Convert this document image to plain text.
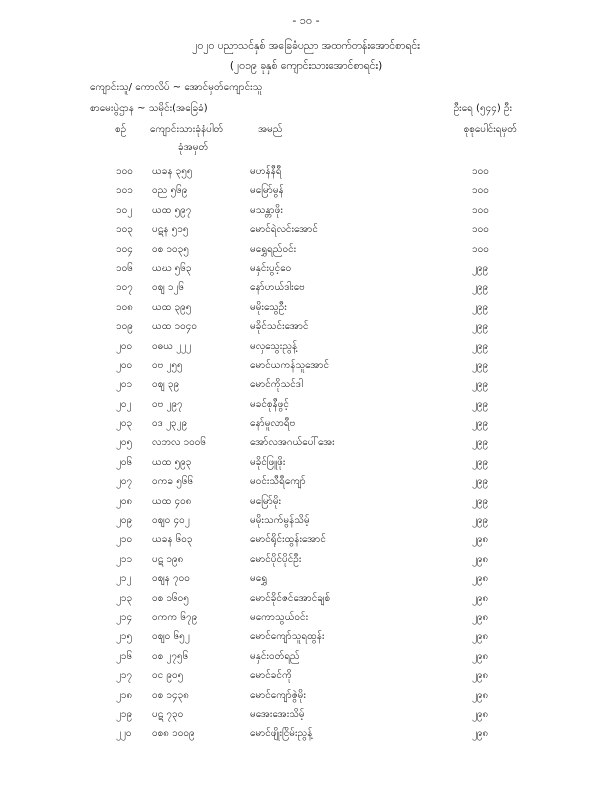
- ၁၀ -
၂၀၂၀ ပညာသင်နှစ် အခြေခံပညာ အထက်တန်းအောင်စာရင်း
(၂၀၁၉ ခုနှစ် ကျောင်းသားအောင်စာရင်း)
ကျောင်းသူ/ ကောလိပ် ~ အောင်မှတ်ကျောင်းသူ
စာမေးပွဲဌာန ~ သမိုင်း(အခြေခံ)	ဦးရေ (၅၄၄) ဦး
စဉ် ကျောင်းသားခုံနံပါတ်	အမည်	စုစုပေါင်းရမှတ်
ခုံအမှတ်
၁၀၀ ယခန ၃၅၅	မဟန်နီရီ	၁၀၀
၁၀၁ ဝည ၅၆၉	မမြော်မွန်	၁၀၀
၁၀၂ ယထ ၅၉၇	မသန္တာဖိုး	၁၀၀
၁၀၃ ပဋန ၅၁၅	မောင်ရဲလင်းအောင်	၁၀၀
၁၀၄ ဝစ ၁၀၃၅	မရွှေရည်ဝင်း	၁၀၀
၁၀၆ ယဃ ၅၆၃	မနှင်းပွင့်ဝေ	၂၉၉
၁၀၇ ဝဈ ၁၂၆	နော်ဟယ်ဒါးဗေ	၂၉၉
၁၀၈ ယထ ၃၉၅	မမိုးသွေဦး	၂၉၉
၁၀၉ ယထ ၁၀၄၀	မခိုင်သင်းအောင်	၂၉၉
၂၀၀ ဝဓယ ၂၂၂	မလှသွေးညွန့်	၂၉၉
၂၀၀ ဝဗ ၂၅၅	မောင်ယကန်သူအောင်	၂၉၉
၂၀၁ ဝဈ ၃၉	မောင်ကိုသင်ဒါ	၂၉၉
၂၀၂ ဝဗ ၂၉၇	မခင်စုနီဖွင့်	၂၉၉
၂၀၃ ဝဒ ၂၃၂၉	နော်မူလာရီဗ	၂၉၉
၂၀၅ လဘလ ၁၀၀၆	အော်လအဂယ်ပေါ်အေး	၂၉၉
၂၀၆ ယထ ၅၉၃	မခိုင်ဖြူဖိုး	၂၉၉
၂၀၇ ဝကခ ၅၆၆	မဝင်းသီရီကျော်	၂၉၉
၂၀၈ ယထ ၄၀၈	မမြော်မိုး	၂၉၉
၂၀၉ ဝဈ၀ ၄၀၂	မမိုးသက်မွန်သိမ့်	၂၉၉
၂၁၀ ယခန ၆၀၃	မောင်ရိုင်းထွန်းအောင်	၂၉၈
၂၁၁ ပဋ ၁၉၈	မောင်ပိုင်ပိုင်ဦး	၂၉၈
၂၁၂ ဝဈန ၇၀၀	မရွှေ	၂၉၈
၂၁၃ ဝစ ၁၆၀၅	မောင်ခိုင်ဇင်အောင်ချစ်	၂၉၈
၂၁၄ ဝကက ၆၇၉	မကောသွယ်ဝင်း	၂၉၈
၂၁၅ ဝဈ၀ ၆၅၂	မောင်ကျော်သူရထွန်း	၂၉၈
၂၁၆ ဝစ ၂၇၅၆	မနှင်းဝတ်ရည်	၂၉၈
၂၁၇ ဝင ၉၀၅	မောင်ခင်ကို	၂၉၈
၂၁၈ ဝစ ၁၄၃၈	မောင်ကျော်ဇွဲမိုး	၂၉၈
၂၁၉ ပဋ ၇၃၀	မအေးအေးသိမ့်	၂၉၈
၂၂၀ ဝစ၈ ၁၀၀၉	မောင်ဖျိုးငြိမ်းညွန့်	၂၉၈
